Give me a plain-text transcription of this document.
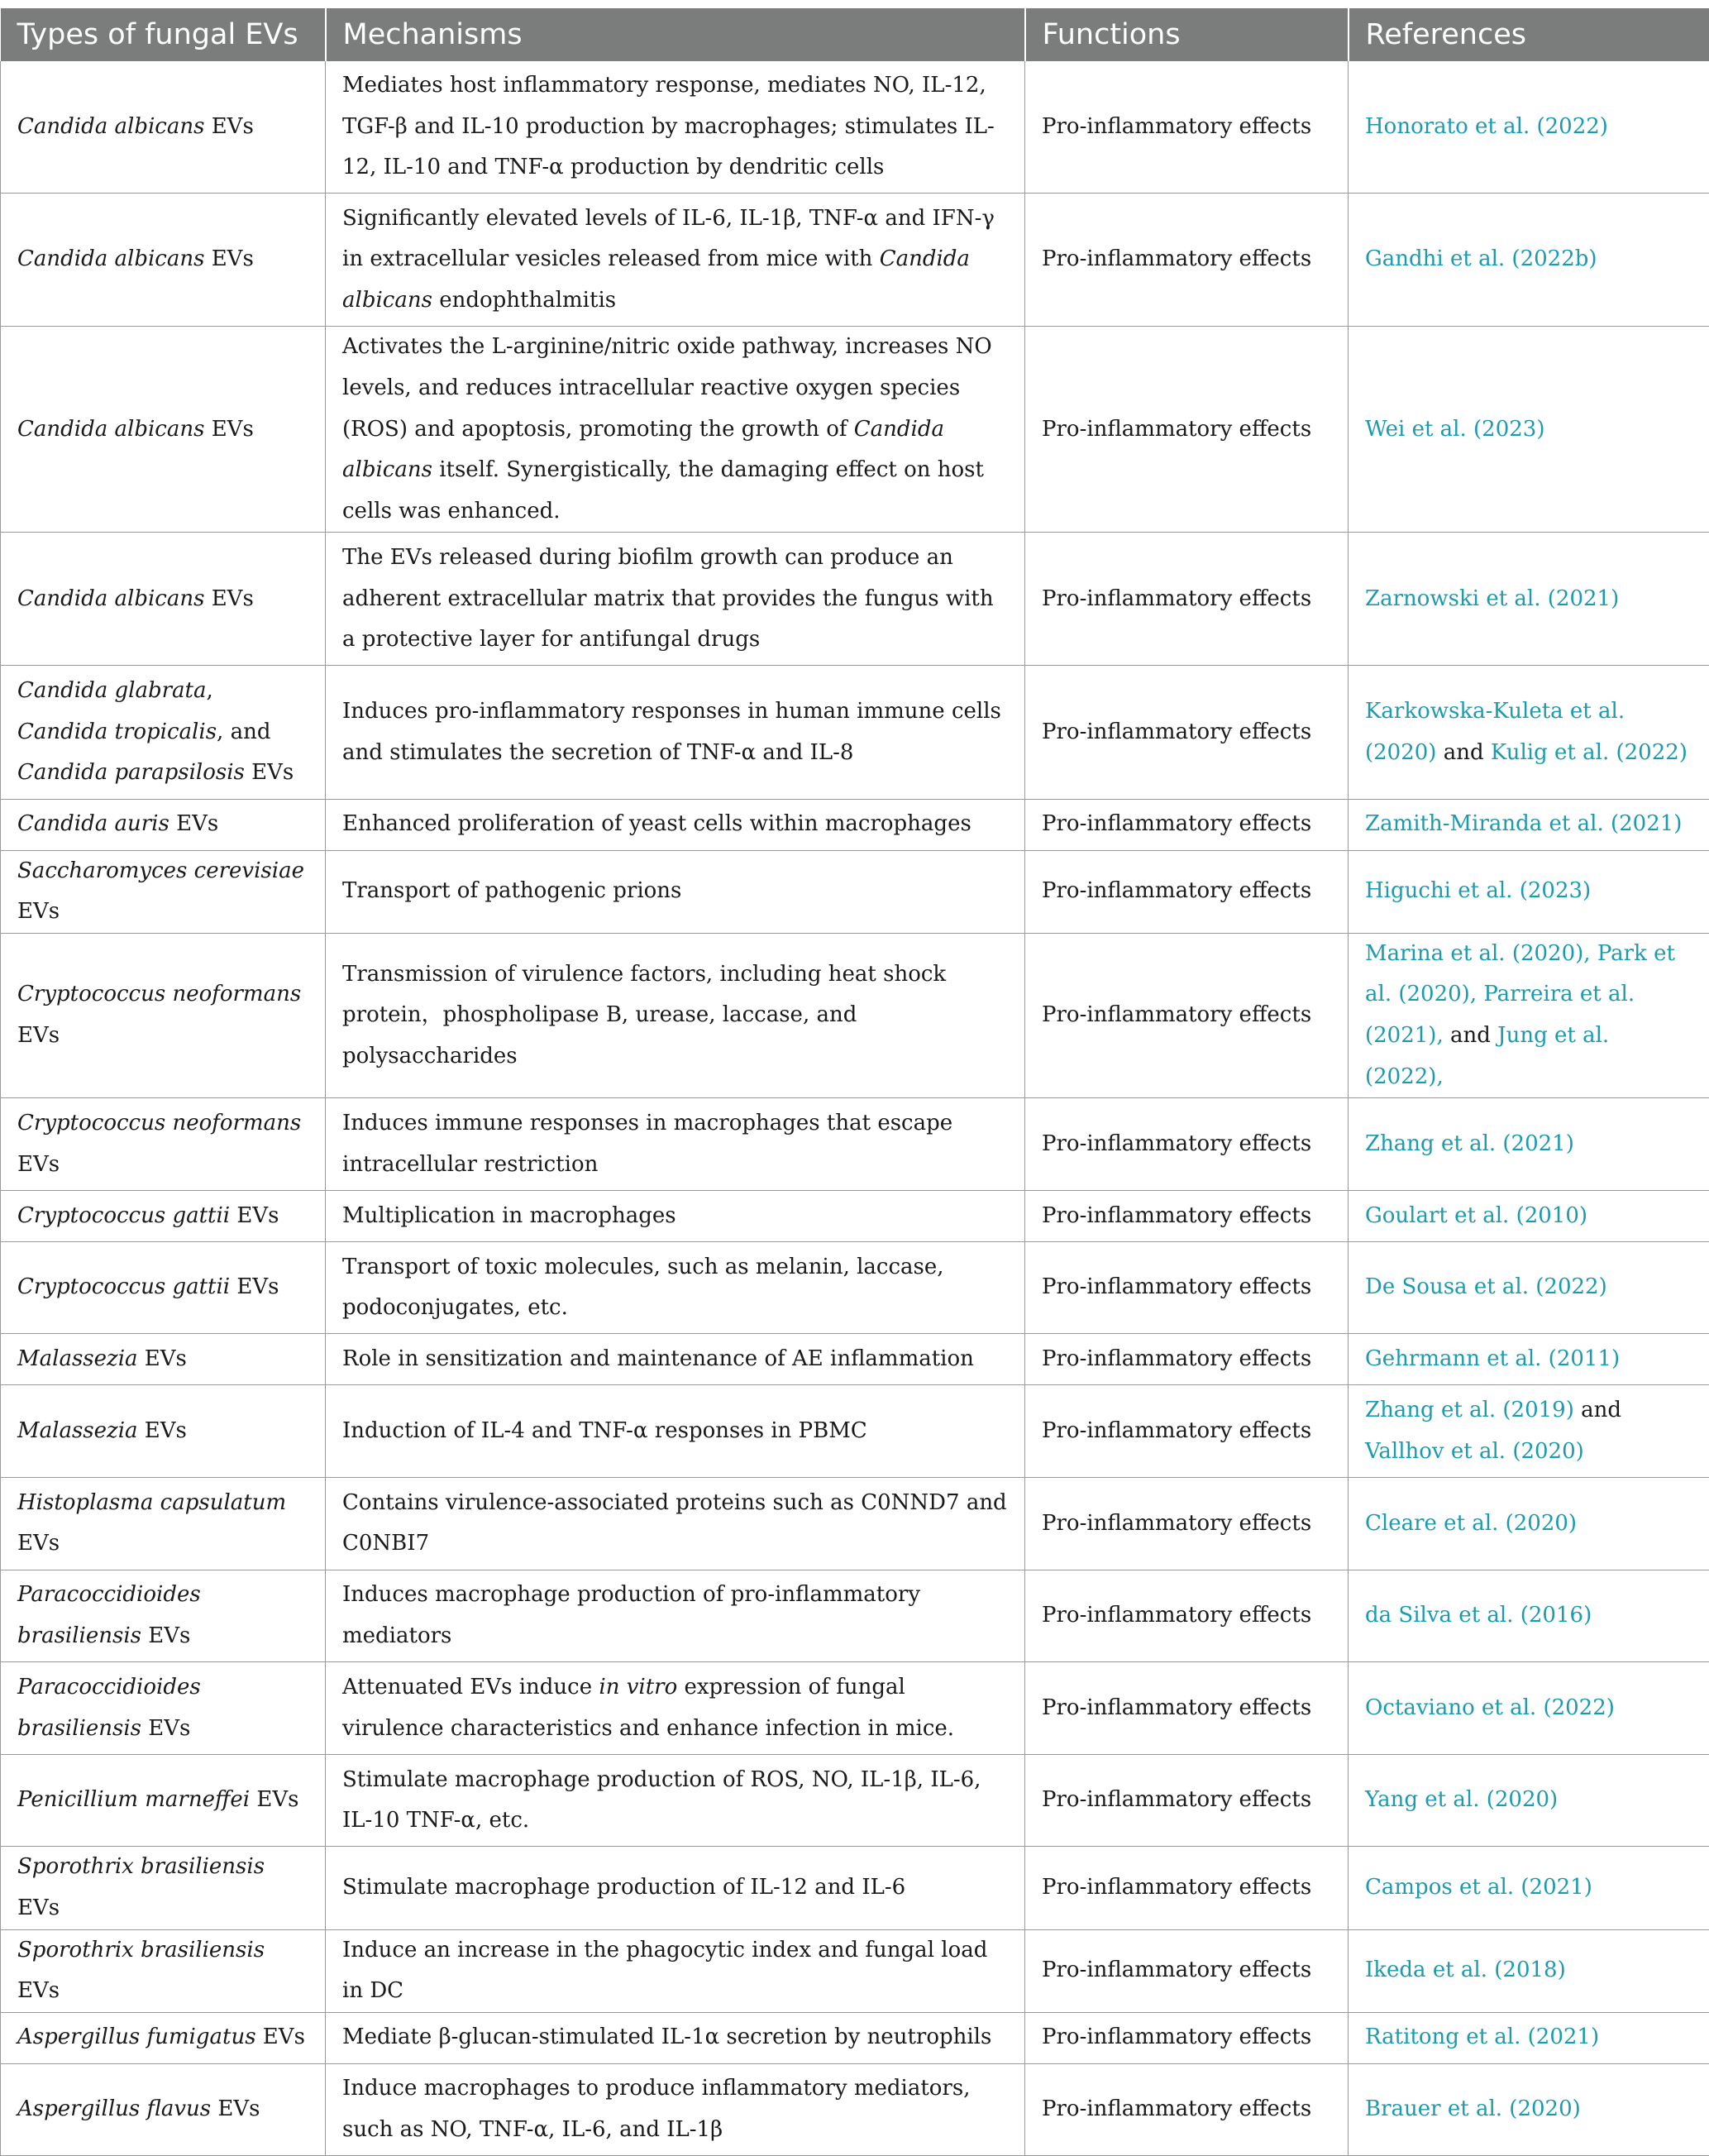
Types of fungal EVs	Mechanisms	Functions	References
Candida albicans EVs	Mediates host inflammatory response, mediates NO, IL-12, TGF-β and IL-10 production by macrophages; stimulates IL-12, IL-10 and TNF-α production by dendritic cells	Pro-inflammatory effects	Honorato et al. (2022)
Candida albicans EVs	Significantly elevated levels of IL-6, IL-1β, TNF-α and IFN-γ in extracellular vesicles released from mice with Candida albicans endophthalmitis	Pro-inflammatory effects	Gandhi et al. (2022b)
Candida albicans EVs	Activates the L-arginine/nitric oxide pathway, increases NO levels, and reduces intracellular reactive oxygen species (ROS) and apoptosis, promoting the growth of Candida albicans itself. Synergistically, the damaging effect on host cells was enhanced.	Pro-inflammatory effects	Wei et al. (2023)
Candida albicans EVs	The EVs released during biofilm growth can produce an adherent extracellular matrix that provides the fungus with a protective layer for antifungal drugs	Pro-inflammatory effects	Zarnowski et al. (2021)
Candida glabrata, Candida tropicalis, and Candida parapsilosis EVs	Induces pro-inflammatory responses in human immune cells and stimulates the secretion of TNF-α and IL-8	Pro-inflammatory effects	Karkowska-Kuleta et al. (2020) and Kulig et al. (2022)
Candida auris EVs	Enhanced proliferation of yeast cells within macrophages	Pro-inflammatory effects	Zamith-Miranda et al. (2021)
Saccharomyces cerevisiae EVs	Transport of pathogenic prions	Pro-inflammatory effects	Higuchi et al. (2023)
Cryptococcus neoformans EVs	Transmission of virulence factors, including heat shock protein，phospholipase B, urease, laccase, and polysaccharides	Pro-inflammatory effects	Marina et al. (2020), Park et al. (2020), Parreira et al. (2021), and Jung et al. (2022),
Cryptococcus neoformans EVs	Induces immune responses in macrophages that escape intracellular restriction	Pro-inflammatory effects	Zhang et al. (2021)
Cryptococcus gattii EVs	Multiplication in macrophages	Pro-inflammatory effects	Goulart et al. (2010)
Cryptococcus gattii EVs	Transport of toxic molecules, such as melanin, laccase, podoconjugates, etc.	Pro-inflammatory effects	De Sousa et al. (2022)
Malassezia EVs	Role in sensitization and maintenance of AE inflammation	Pro-inflammatory effects	Gehrmann et al. (2011)
Malassezia EVs	Induction of IL-4 and TNF-α responses in PBMC	Pro-inflammatory effects	Zhang et al. (2019) and Vallhov et al. (2020)
Histoplasma capsulatum EVs	Contains virulence-associated proteins such as C0NND7 and C0NBI7	Pro-inflammatory effects	Cleare et al. (2020)
Paracoccidioides brasiliensis EVs	Induces macrophage production of pro-inflammatory mediators	Pro-inflammatory effects	da Silva et al. (2016)
Paracoccidioides brasiliensis EVs	Attenuated EVs induce in vitro expression of fungal virulence characteristics and enhance infection in mice.	Pro-inflammatory effects	Octaviano et al. (2022)
Penicillium marneffei EVs	Stimulate macrophage production of ROS, NO, IL-1β, IL-6, IL-10 TNF-α, etc.	Pro-inflammatory effects	Yang et al. (2020)
Sporothrix brasiliensis EVs	Stimulate macrophage production of IL-12 and IL-6	Pro-inflammatory effects	Campos et al. (2021)
Sporothrix brasiliensis EVs	Induce an increase in the phagocytic index and fungal load in DC	Pro-inflammatory effects	Ikeda et al. (2018)
Aspergillus fumigatus EVs	Mediate β-glucan-stimulated IL-1α secretion by neutrophils	Pro-inflammatory effects	Ratitong et al. (2021)
Aspergillus flavus EVs	Induce macrophages to produce inflammatory mediators, such as NO, TNF-α, IL-6, and IL-1β	Pro-inflammatory effects	Brauer et al. (2020)
